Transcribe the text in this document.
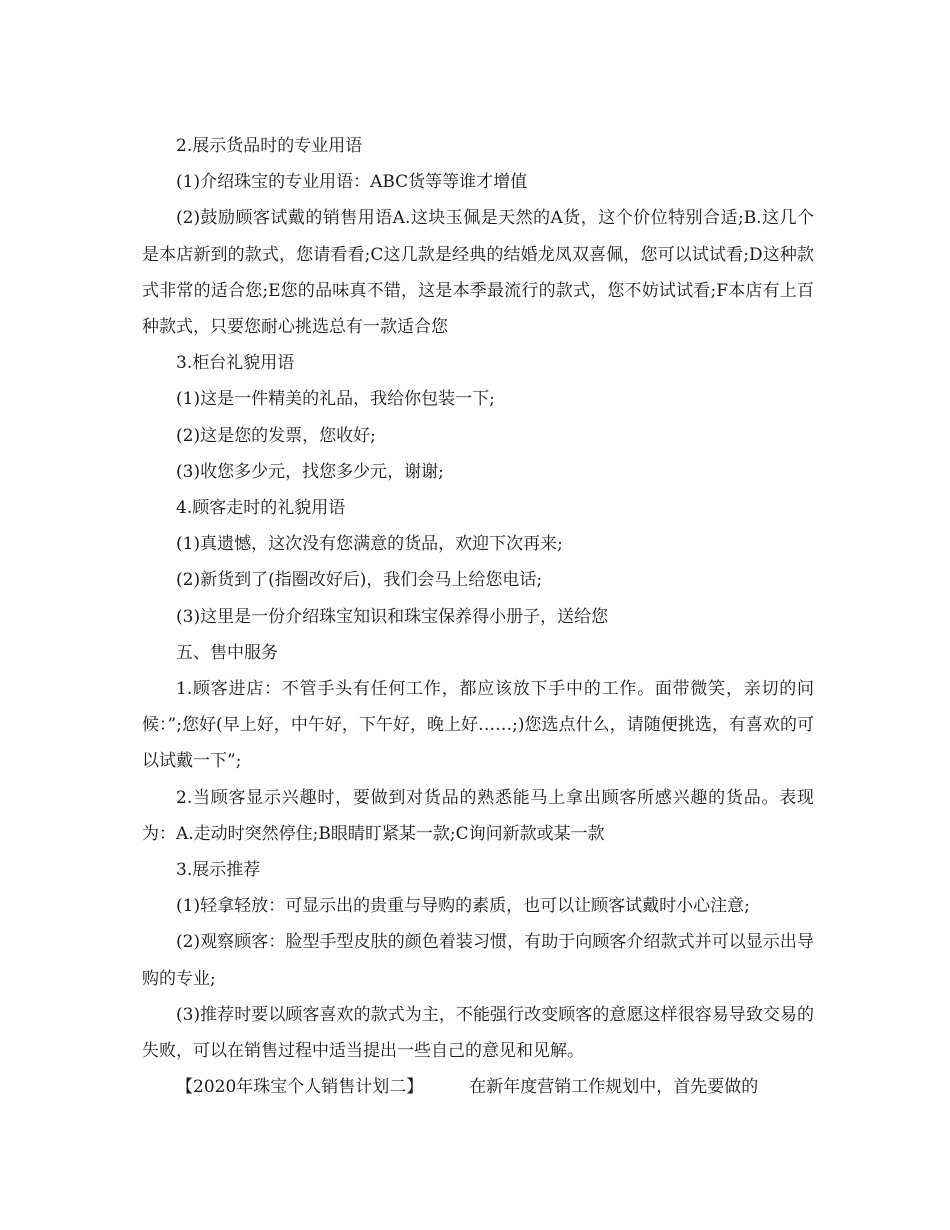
2.展示货品时的专业用语

(1)介绍珠宝的专业用语：ABC货等等谁才增值

(2)鼓励顾客试戴的销售用语A.这块玉佩是天然的A货，这个价位特别合适;B.这几个是本店新到的款式，您请看看;C这几款是经典的结婚龙凤双喜佩，您可以试试看;D这种款式非常的适合您;E您的品味真不错，这是本季最流行的款式，您不妨试试看;F本店有上百种款式，只要您耐心挑选总有一款适合您

3.柜台礼貌用语

(1)这是一件精美的礼品，我给你包装一下;

(2)这是您的发票，您收好;

(3)收您多少元，找您多少元，谢谢;

4.顾客走时的礼貌用语

(1)真遗憾，这次没有您满意的货品，欢迎下次再来;

(2)新货到了(指圈改好后)，我们会马上给您电话;

(3)这里是一份介绍珠宝知识和珠宝保养得小册子，送给您

五、售中服务

1.顾客进店：不管手头有任何工作，都应该放下手中的工作。面带微笑，亲切的问候：”;您好(早上好，中午好，下午好，晚上好……;)您选点什么，请随便挑选，有喜欢的可以试戴一下”;

2.当顾客显示兴趣时，要做到对货品的熟悉能马上拿出顾客所感兴趣的货品。表现为：A.走动时突然停住;B眼睛盯紧某一款;C询问新款或某一款

3.展示推荐

(1)轻拿轻放：可显示出的贵重与导购的素质，也可以让顾客试戴时小心注意;

(2)观察顾客：脸型手型皮肤的颜色着装习惯，有助于向顾客介绍款式并可以显示出导购的专业;

(3)推荐时要以顾客喜欢的款式为主，不能强行改变顾客的意愿这样很容易导致交易的失败，可以在销售过程中适当提出一些自己的意见和见解。

【2020年珠宝个人销售计划二】	在新年度营销工作规划中，首先要做的
